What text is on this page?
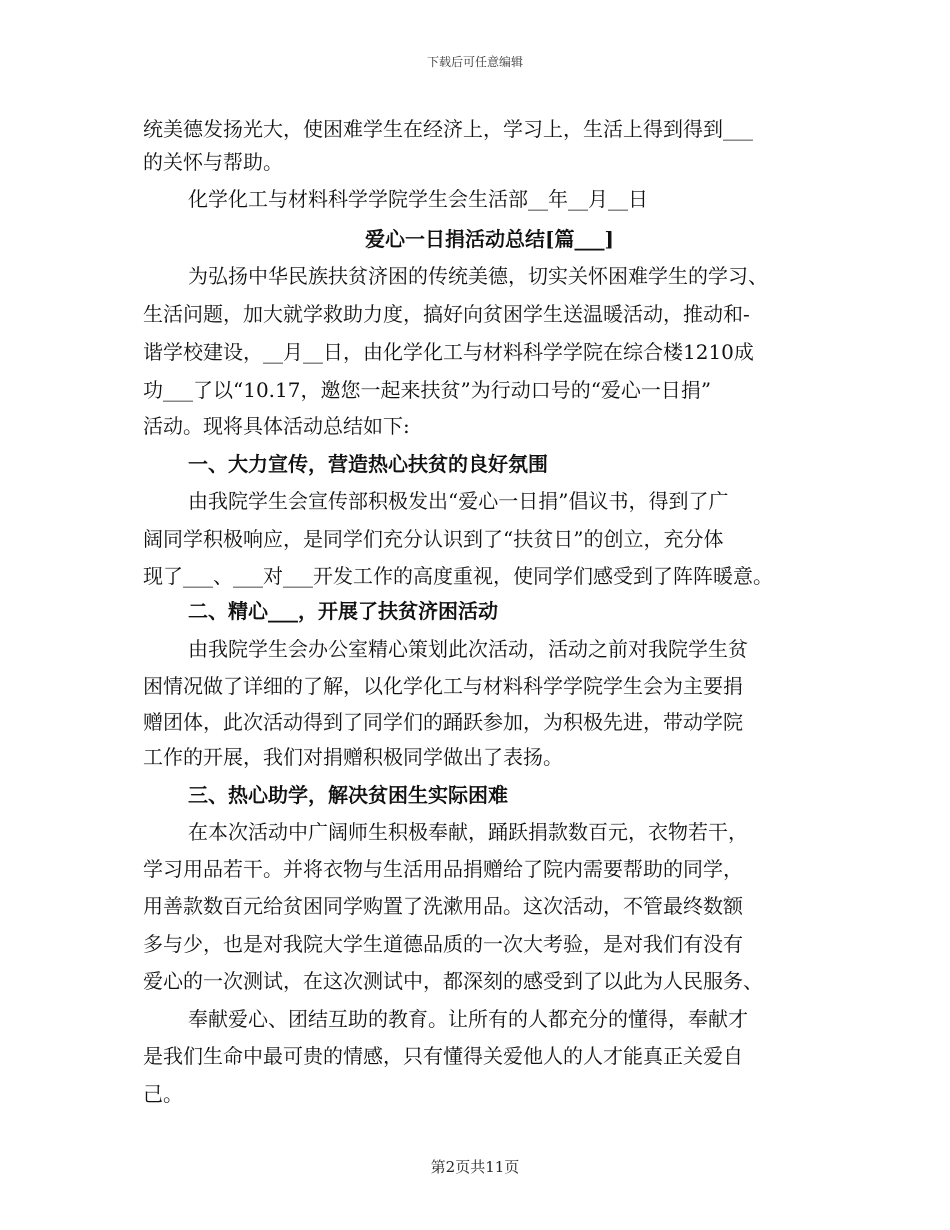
下载后可任意编辑
统美德发扬光大，使困难学生在经济上，学习上，生活上得到得到___
的关怀与帮助。
化学化工与材料科学学院学生会生活部__年__月__日
爱心一日捐活动总结[篇___]
为弘扬中华民族扶贫济困的传统美德，切实关怀困难学生的学习、
生活问题，加大就学救助力度，搞好向贫困学生送温暖活动，推动和-
谐学校建设，__月__日，由化学化工与材料科学学院在综合楼1210成
功___了以“10.17，邀您一起来扶贫”为行动口号的“爱心一日捐”
活动。现将具体活动总结如下:
一、大力宣传，营造热心扶贫的良好氛围
由我院学生会宣传部积极发出“爱心一日捐”倡议书，得到了广
阔同学积极响应，是同学们充分认识到了“扶贫日”的创立，充分体
现了___、___对___开发工作的高度重视，使同学们感受到了阵阵暖意。
二、精心___，开展了扶贫济困活动
由我院学生会办公室精心策划此次活动，活动之前对我院学生贫
困情况做了详细的了解，以化学化工与材料科学学院学生会为主要捐
赠团体，此次活动得到了同学们的踊跃参加，为积极先进，带动学院
工作的开展，我们对捐赠积极同学做出了表扬。
三、热心助学，解决贫困生实际困难
在本次活动中广阔师生积极奉献，踊跃捐款数百元，衣物若干，
学习用品若干。并将衣物与生活用品捐赠给了院内需要帮助的同学，
用善款数百元给贫困同学购置了洗漱用品。这次活动，不管最终数额
多与少，也是对我院大学生道德品质的一次大考验，是对我们有没有
爱心的一次测试，在这次测试中，都深刻的感受到了以此为人民服务、
奉献爱心、团结互助的教育。让所有的人都充分的懂得，奉献才
是我们生命中最可贵的情感，只有懂得关爱他人的人才能真正关爱自
己。
第2页共11页
